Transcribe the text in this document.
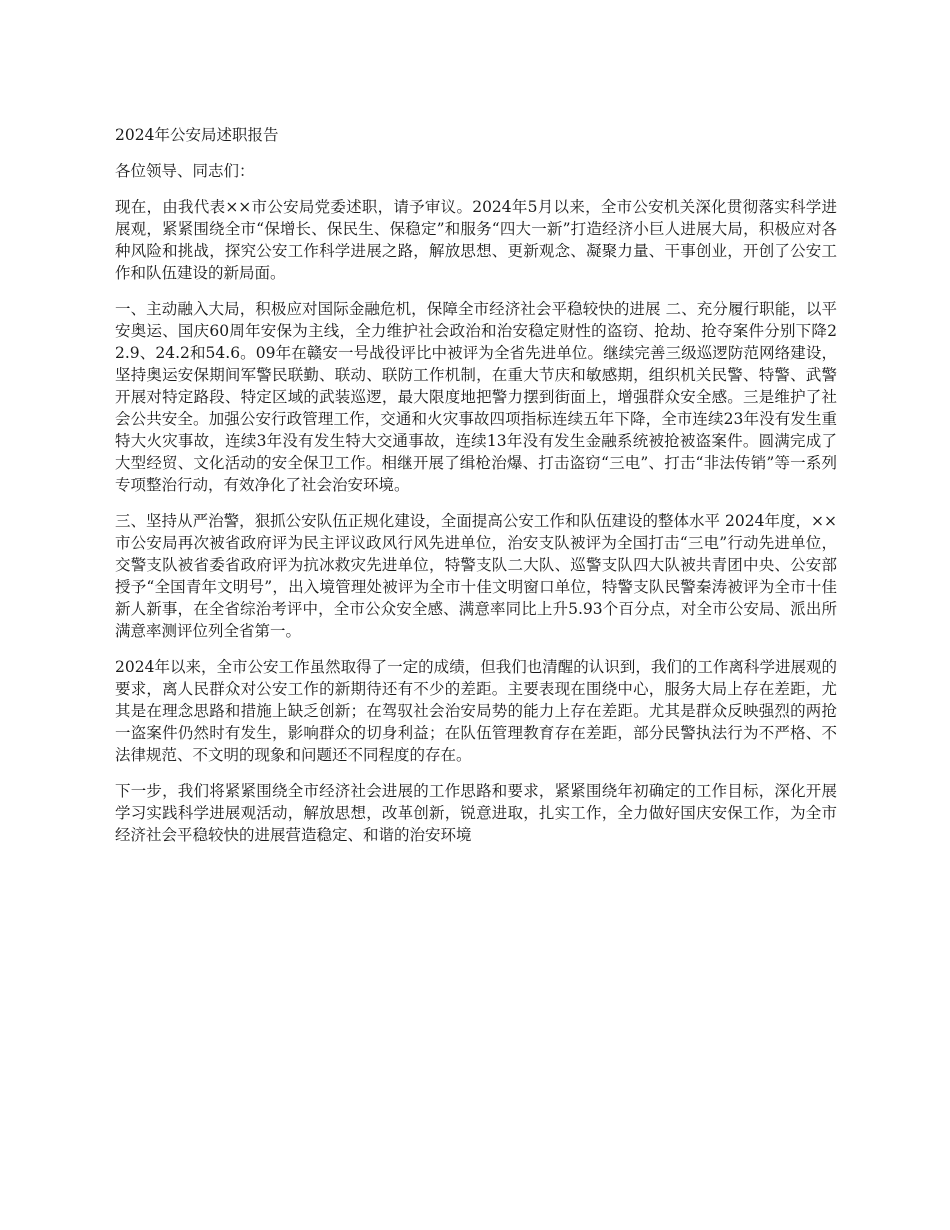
2024年公安局述职报告

各位领导、同志们：

现在，由我代表××市公安局党委述职，请予审议。2024年5月以来，全市公安机关深化贯彻落实科学进展观，紧紧围绕全市“保增长、保民生、保稳定”和服务“四大一新”打造经济小巨人进展大局，积极应对各种风险和挑战，探究公安工作科学进展之路，解放思想、更新观念、凝聚力量、干事创业，开创了公安工作和队伍建设的新局面。

一、主动融入大局，积极应对国际金融危机，保障全市经济社会平稳较快的进展 二、充分履行职能，以平安奥运、国庆60周年安保为主线，全力维护社会政治和治安稳定财性的盗窃、抢劫、抢夺案件分别下降22.9、24.2和54.6。09年在赣安一号战役评比中被评为全省先进单位。继续完善三级巡逻防范网络建设，坚持奥运安保期间军警民联勤、联动、联防工作机制，在重大节庆和敏感期，组织机关民警、特警、武警开展对特定路段、特定区域的武装巡逻，最大限度地把警力摆到街面上，增强群众安全感。三是维护了社会公共安全。加强公安行政管理工作，交通和火灾事故四项指标连续五年下降，全市连续23年没有发生重特大火灾事故，连续3年没有发生特大交通事故，连续13年没有发生金融系统被抢被盗案件。圆满完成了大型经贸、文化活动的安全保卫工作。相继开展了缉枪治爆、打击盗窃“三电”、打击“非法传销”等一系列专项整治行动，有效净化了社会治安环境。

三、坚持从严治警，狠抓公安队伍正规化建设，全面提高公安工作和队伍建设的整体水平 2024年度，××市公安局再次被省政府评为民主评议政风行风先进单位，治安支队被评为全国打击“三电”行动先进单位，交警支队被省委省政府评为抗冰救灾先进单位，特警支队二大队、巡警支队四大队被共青团中央、公安部授予“全国青年文明号”，出入境管理处被评为全市十佳文明窗口单位，特警支队民警秦涛被评为全市十佳新人新事，在全省综治考评中，全市公众安全感、满意率同比上升5.93个百分点，对全市公安局、派出所满意率测评位列全省第一。

2024年以来，全市公安工作虽然取得了一定的成绩，但我们也清醒的认识到，我们的工作离科学进展观的要求，离人民群众对公安工作的新期待还有不少的差距。主要表现在围绕中心，服务大局上存在差距，尤其是在理念思路和措施上缺乏创新；在驾驭社会治安局势的能力上存在差距。尤其是群众反映强烈的两抢一盗案件仍然时有发生，影响群众的切身利益；在队伍管理教育存在差距，部分民警执法行为不严格、不法律规范、不文明的现象和问题还不同程度的存在。

下一步，我们将紧紧围绕全市经济社会进展的工作思路和要求，紧紧围绕年初确定的工作目标，深化开展学习实践科学进展观活动，解放思想，改革创新，锐意进取，扎实工作，全力做好国庆安保工作，为全市经济社会平稳较快的进展营造稳定、和谐的治安环境
